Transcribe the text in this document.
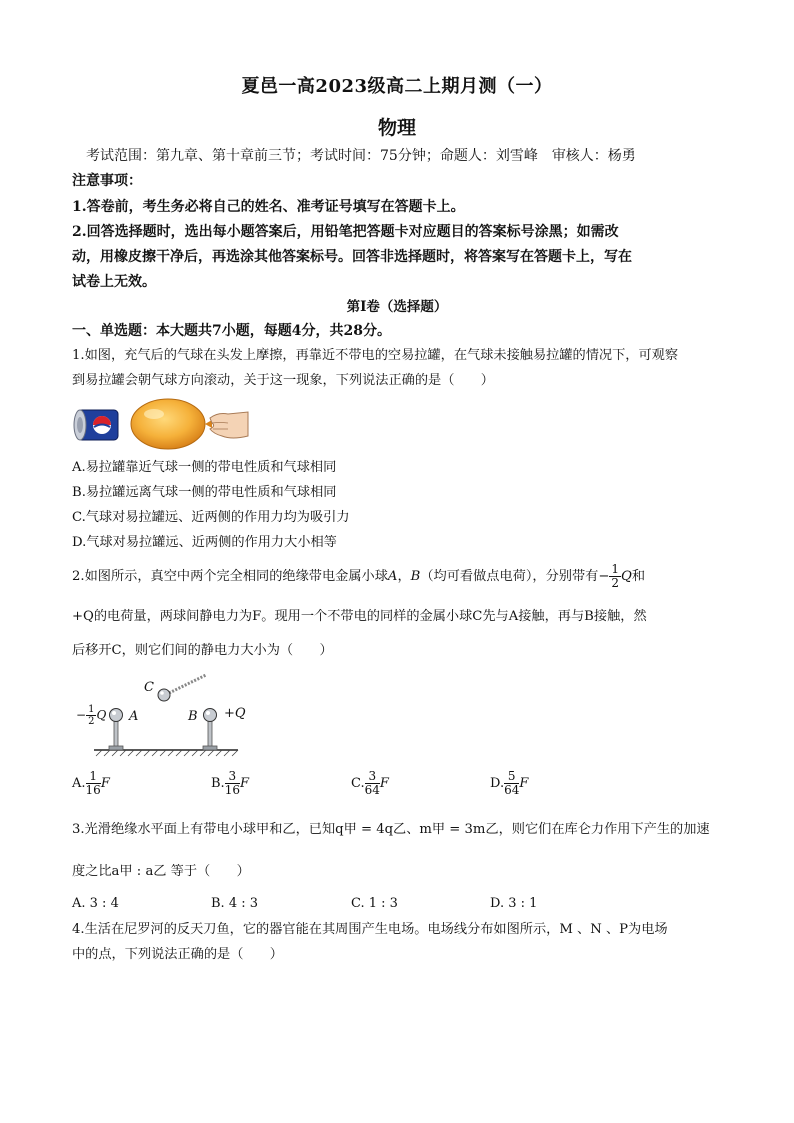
夏邑一高2023级高二上期月测（一）
物理
考试范围：第九章、第十章前三节；考试时间：75分钟；命题人：刘雪峰　审核人：杨勇
注意事项：
1.答卷前，考生务必将自己的姓名、准考证号填写在答题卡上。
2.回答选择题时，选出每小题答案后，用铅笔把答题卡对应题目的答案标号涂黑；如需改
动，用橡皮擦干净后，再选涂其他答案标号。回答非选择题时，将答案写在答题卡上，写在
试卷上无效。
第Ⅰ卷（选择题）
一、单选题：本大题共7小题，每题4分，共28分。
1.如图，充气后的气球在头发上摩擦，再靠近不带电的空易拉罐，在气球未接触易拉罐的情况下，可观察
到易拉罐会朝气球方向滚动，关于这一现象，下列说法正确的是（　　）
A.易拉罐靠近气球一侧的带电性质和气球相同
B.易拉罐远离气球一侧的带电性质和气球相同
C.气球对易拉罐远、近两侧的作用力均为吸引力
D.气球对易拉罐远、近两侧的作用力大小相等
2.如图所示，真空中两个完全相同的绝缘带电金属小球A，B（均可看做点电荷），分别带有− $\frac{1}{2}$ Q和
+Q的电荷量，两球间静电力为F。现用一个不带电的同样的金属小球C先与A接触，再与B接触，然
后移开C，则它们间的静电力大小为（　　）
C
A	B +Q
− $\frac{1}{2}$ Q
A. $\frac{1}{16}$ F	B. $\frac{3}{16}$ F	C. $\frac{3}{64}$ F	D. $\frac{5}{64}$ F
3.光滑绝缘水平面上有带电小球甲和乙，已知q甲 = 4q乙、m甲 = 3m乙，则它们在库仑力作用下产生的加速
度之比a甲 : a乙 等于（　　）
A. 3 : 4	B. 4 : 3	C. 1 : 3	D. 3 : 1
4.生活在尼罗河的反天刀鱼，它的器官能在其周围产生电场。电场线分布如图所示，M 、N 、P为电场
中的点，下列说法正确的是（　　）
